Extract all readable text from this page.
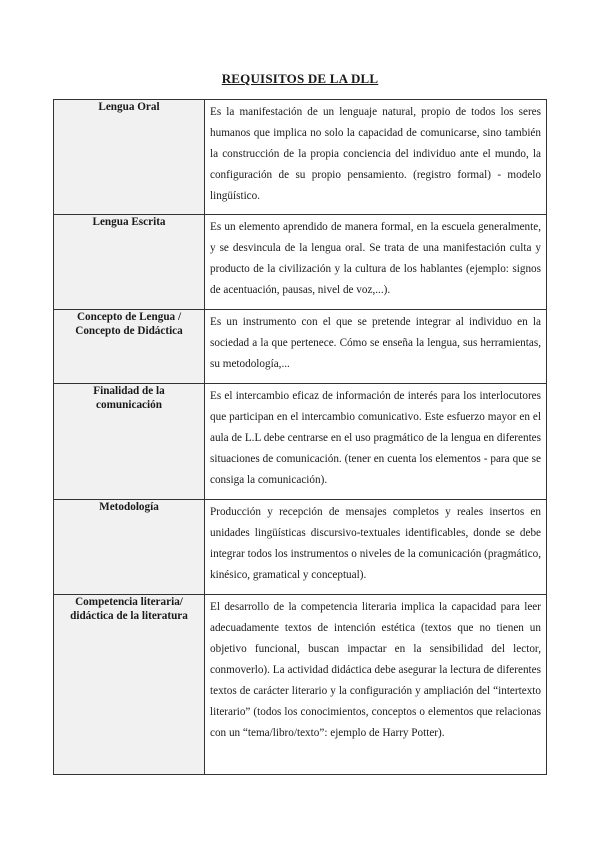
REQUISITOS DE LA DLL
Lengua Oral	Es la manifestación de un lenguaje natural, propio de todos los seres humanos que implica no solo la capacidad de comunicarse, sino también la construcción de la propia conciencia del individuo ante el mundo, la configuración de su propio pensamiento. (registro formal) - modelo lingüístico.
Lengua Escrita	Es un elemento aprendido de manera formal, en la escuela generalmente, y se desvincula de la lengua oral. Se trata de una manifestación culta y producto de la civilización y la cultura de los hablantes (ejemplo: signos de acentuación, pausas, nivel de voz,...).
Concepto de Lengua / Concepto de Didáctica	Es un instrumento con el que se pretende integrar al individuo en la sociedad a la que pertenece. Cómo se enseña la lengua, sus herramientas, su metodología,...
Finalidad de la comunicación	Es el intercambio eficaz de información de interés para los interlocutores que participan en el intercambio comunicativo. Este esfuerzo mayor en el aula de L.L debe centrarse en el uso pragmático de la lengua en diferentes situaciones de comunicación. (tener en cuenta los elementos - para que se consiga la comunicación).
Metodología	Producción y recepción de mensajes completos y reales insertos en unidades lingüísticas discursivo-textuales identificables, donde se debe integrar todos los instrumentos o niveles de la comunicación (pragmático, kinésico, gramatical y conceptual).
Competencia literaria/ didáctica de la literatura	El desarrollo de la competencia literaria implica la capacidad para leer adecuadamente textos de intención estética (textos que no tienen un objetivo funcional, buscan impactar en la sensibilidad del lector, conmoverlo). La actividad didáctica debe asegurar la lectura de diferentes textos de carácter literario y la configuración y ampliación del “intertexto literario” (todos los conocimientos, conceptos o elementos que relacionas con un “tema/libro/texto”: ejemplo de Harry Potter).
